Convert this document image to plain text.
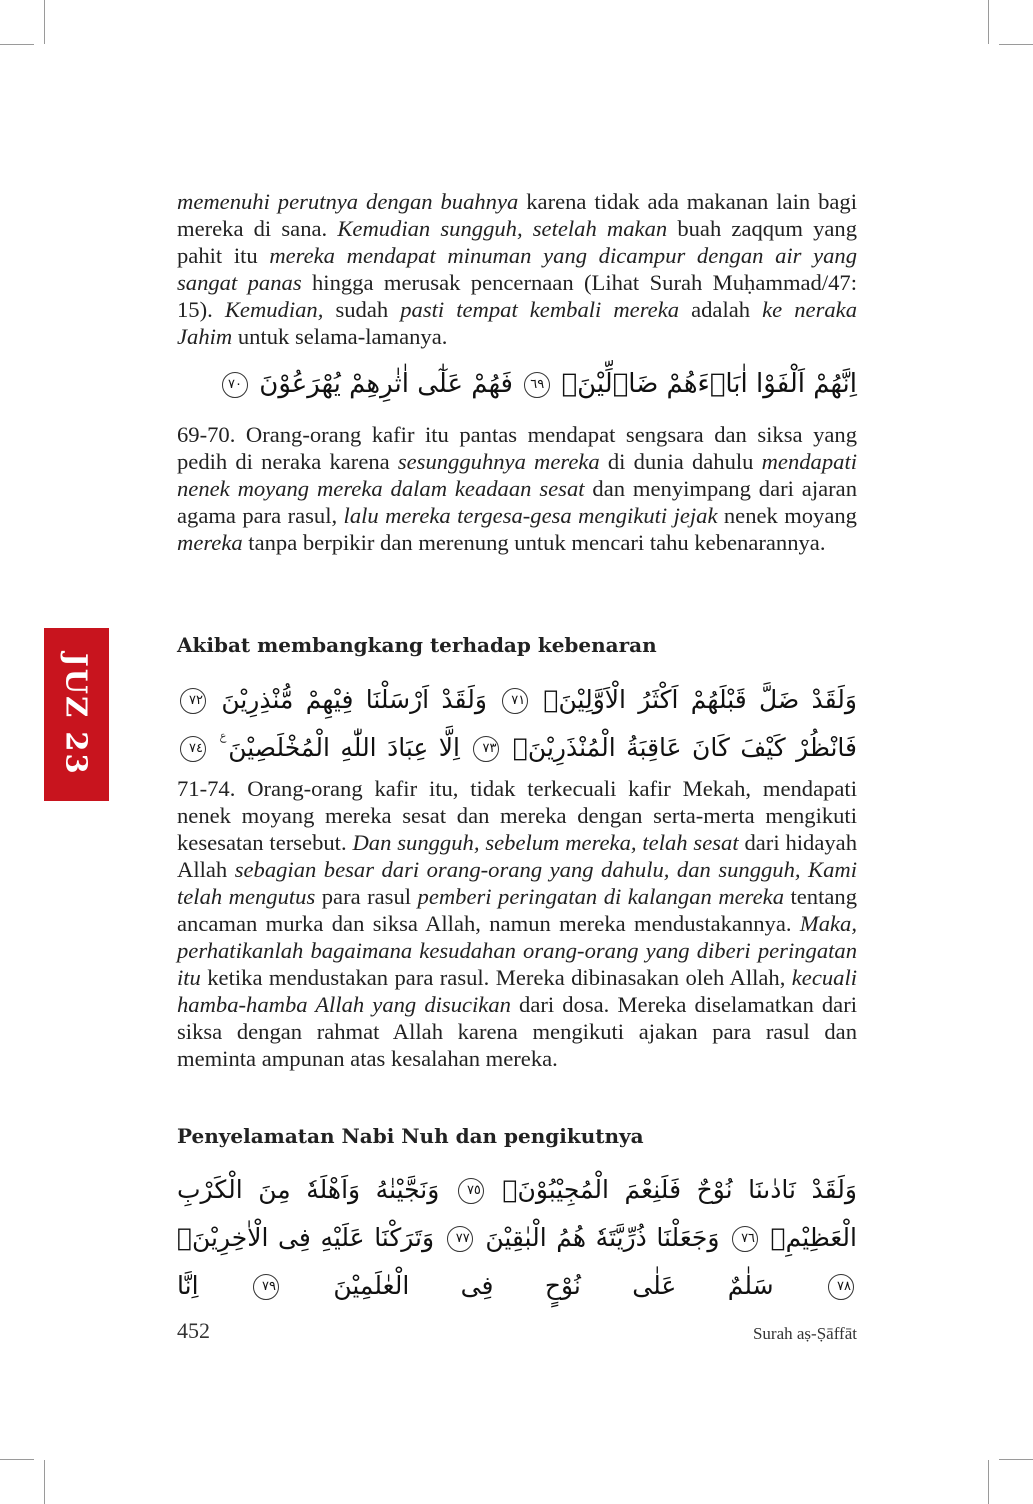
memenuhi perutnya dengan buahnya karena tidak ada makanan lain bagi mereka di sana. Kemudian sungguh, setelah makan buah zaqqum yang pahit itu mereka mendapat minuman yang dicampur dengan air yang sangat panas hingga merusak pencernaan (Lihat Surah Muḥammad/47: 15). Kemudian, sudah pasti tempat kembali mereka adalah ke neraka Jahim untuk selama-lamanya.

اِنَّهُمْ اَلْفَوْا اٰبَاۤءَهُمْ ضَاۤلِّيْنَۙ ٦٩ فَهُمْ عَلٰٓى اٰثٰرِهِمْ يُهْرَعُوْنَ ٧٠

69-70. Orang-orang kafir itu pantas mendapat sengsara dan siksa yang pedih di neraka karena sesungguhnya mereka di dunia dahulu mendapati nenek moyang mereka dalam keadaan sesat dan menyimpang dari ajaran agama para rasul, lalu mereka tergesa-gesa mengikuti jejak nenek moyang mereka tanpa berpikir dan merenung untuk mencari tahu kebenarannya.

Akibat membangkang terhadap kebenaran
وَلَقَدْ ضَلَّ قَبْلَهُمْ اَكْثَرُ الْاَوَّلِيْنَۙ ٧١ وَلَقَدْ اَرْسَلْنَا فِيْهِمْ مُّنْذِرِيْنَ ٧٢ فَانْظُرْ كَيْفَ كَانَ عَاقِبَةُ الْمُنْذَرِيْنَۙ ٧٣ اِلَّا عِبَادَ اللّٰهِ الْمُخْلَصِيْنَ ࣖ ٧٤

71-74. Orang-orang kafir itu, tidak terkecuali kafir Mekah, mendapati nenek moyang mereka sesat dan mereka dengan serta-merta mengikuti kesesatan tersebut. Dan sungguh, sebelum mereka, telah sesat dari hidayah Allah sebagian besar dari orang-orang yang dahulu, dan sungguh, Kami telah mengutus para rasul pemberi peringatan di kalangan mereka tentang ancaman murka dan siksa Allah, namun mereka mendustakannya. Maka, perhatikanlah bagaimana kesudahan orang-orang yang diberi peringatan itu ketika mendustakan para rasul. Mereka dibinasakan oleh Allah, kecuali hamba-hamba Allah yang disucikan dari dosa. Mereka diselamatkan dari siksa dengan rahmat Allah karena mengikuti ajakan para rasul dan meminta ampunan atas kesalahan mereka.

Penyelamatan Nabi Nuh dan pengikutnya
وَلَقَدْ نَادٰىنَا نُوْحٌ فَلَنِعْمَ الْمُجِيْبُوْنَۖ ٧٥ وَنَجَّيْنٰهُ وَاَهْلَهٗ مِنَ الْكَرْبِ الْعَظِيْمِۖ ٧٦ وَجَعَلْنَا ذُرِّيَّتَهٗ هُمُ الْبٰقِيْنَ ٧٧ وَتَرَكْنَا عَلَيْهِ فِى الْاٰخِرِيْنَۖ ٧٨ سَلٰمٌ عَلٰى نُوْحٍ فِى الْعٰلَمِيْنَ ٧٩ اِنَّا
JUZ 23
452	Surah aṣ-Ṣāffāt
